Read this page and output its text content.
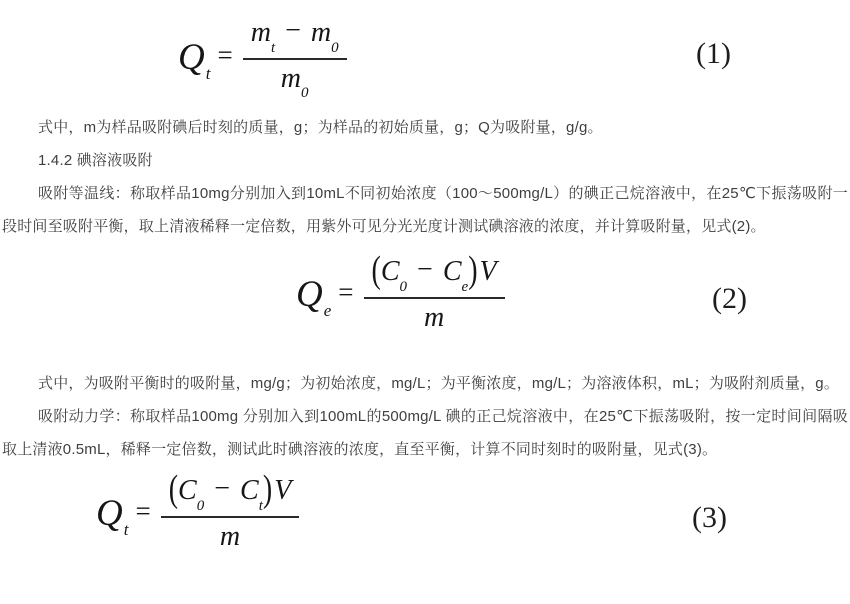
$Q_t$
= $\frac{m_t- m_0}{m_0}$	(1)

式中，m为样品吸附碘后时刻的质量，g；为样品的初始质量，g；Q为吸附量，g/g。

1.4.2 碘溶液吸附

吸附等温线：称取样品10mg分别加入到10mL不同初始浓度（100～500mg/L）的碘正己烷溶液中，在25℃下振荡吸附一段时间至吸附平衡，取上清液稀释一定倍数，用紫外可见分光光度计测试碘溶液的浓度，并计算吸附量，见式(2)。

$Q_e$
= $\frac{(C_0- C_e)V}{m}$	(2)

式中，为吸附平衡时的吸附量，mg/g；为初始浓度，mg/L；为平衡浓度，mg/L；为溶液体积，mL；为吸附剂质量，g。

吸附动力学：称取样品100mg 分别加入到100mL的500mg/L 碘的正己烷溶液中，在25℃下振荡吸附，按一定时间间隔吸取上清液0.5mL，稀释一定倍数，测试此时碘溶液的浓度，直至平衡，计算不同时刻时的吸附量，见式(3)。

$Q_t$
= $\frac{(C_0- C_t)V}{m}$	(3)
